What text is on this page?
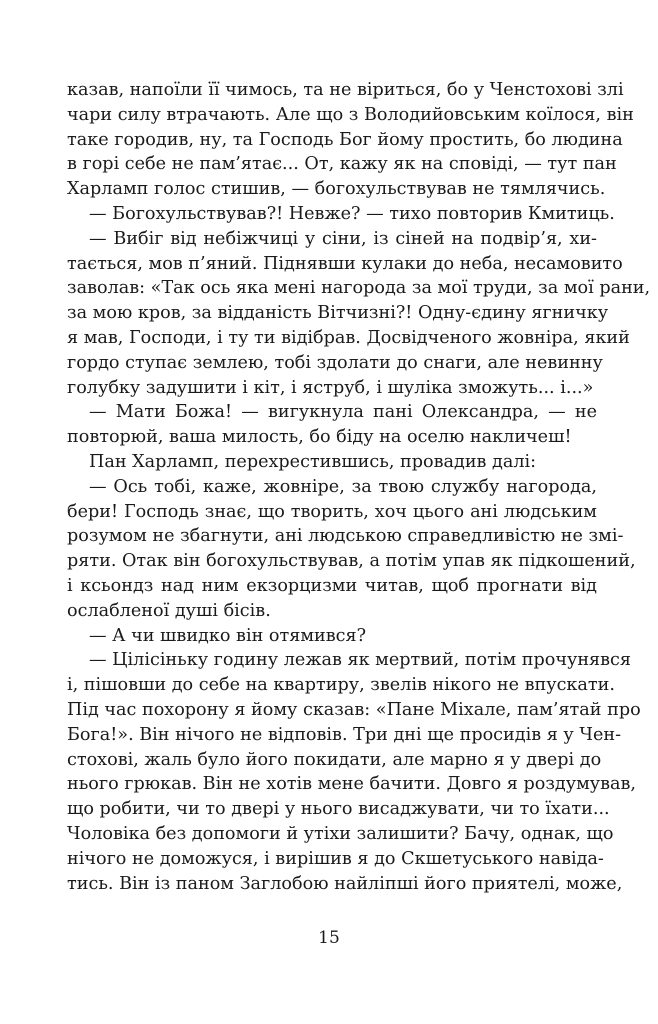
казав, напоїли її чимось, та не віриться, бо у Ченстохові злі
чари силу втрачають. Але що з Володийовським коїлося, він
таке городив, ну, та Господь Бог йому простить, бо людина
в горі себе не пам’ятає... От, кажу як на сповіді, — тут пан
Харламп голос стишив, — богохульствував не тямлячись.
— Богохульствував?! Невже? — тихо повторив Кмитиць.
— Вибіг від небіжчиці у сіни, із сіней на подвір’я, хи-
тається, мов п’яний. Піднявши кулаки до неба, несамовито
заволав: «Так ось яка мені нагорода за мої труди, за мої рани,
за мою кров, за відданість Вітчизні?! Одну-єдину ягничку
я мав, Господи, і ту ти відібрав. Досвідченого жовніра, який
гордо ступає землею, тобі здолати до снаги, але невинну
голубку задушити і кіт, і яструб, і шуліка зможуть... і...»
— Мати Божа! — вигукнула пані Олександра, — не
повторюй, ваша милость, бо біду на оселю накличеш!
Пан Харламп, перехрестившись, провадив далі:
— Ось тобі, каже, жовніре, за твою службу нагорода,
бери! Господь знає, що творить, хоч цього ані людським
розумом не збагнути, ані людською справедливістю не змі-
ряти. Отак він богохульствував, а потім упав як підкошений,
і ксьондз над ним екзорцизми читав, щоб прогнати від
ослабленої душі бісів.
— А чи швидко він отямився?
— Цілісіньку годину лежав як мертвий, потім прочунявся
і, пішовши до себе на квартиру, звелів нікого не впускати.
Під час похорону я йому сказав: «Пане Міхале, пам’ятай про
Бога!». Він нічого не відповів. Три дні ще просидів я у Чен-
стохові, жаль було його покидати, але марно я у двері до
нього грюкав. Він не хотів мене бачити. Довго я роздумував,
що робити, чи то двері у нього висаджувати, чи то їхати...
Чоловіка без допомоги й утіхи залишити? Бачу, однак, що
нічого не доможуся, і вирішив я до Скшетуського навіда-
тись. Він із паном Заглобою найліпші його приятелі, може,
15
